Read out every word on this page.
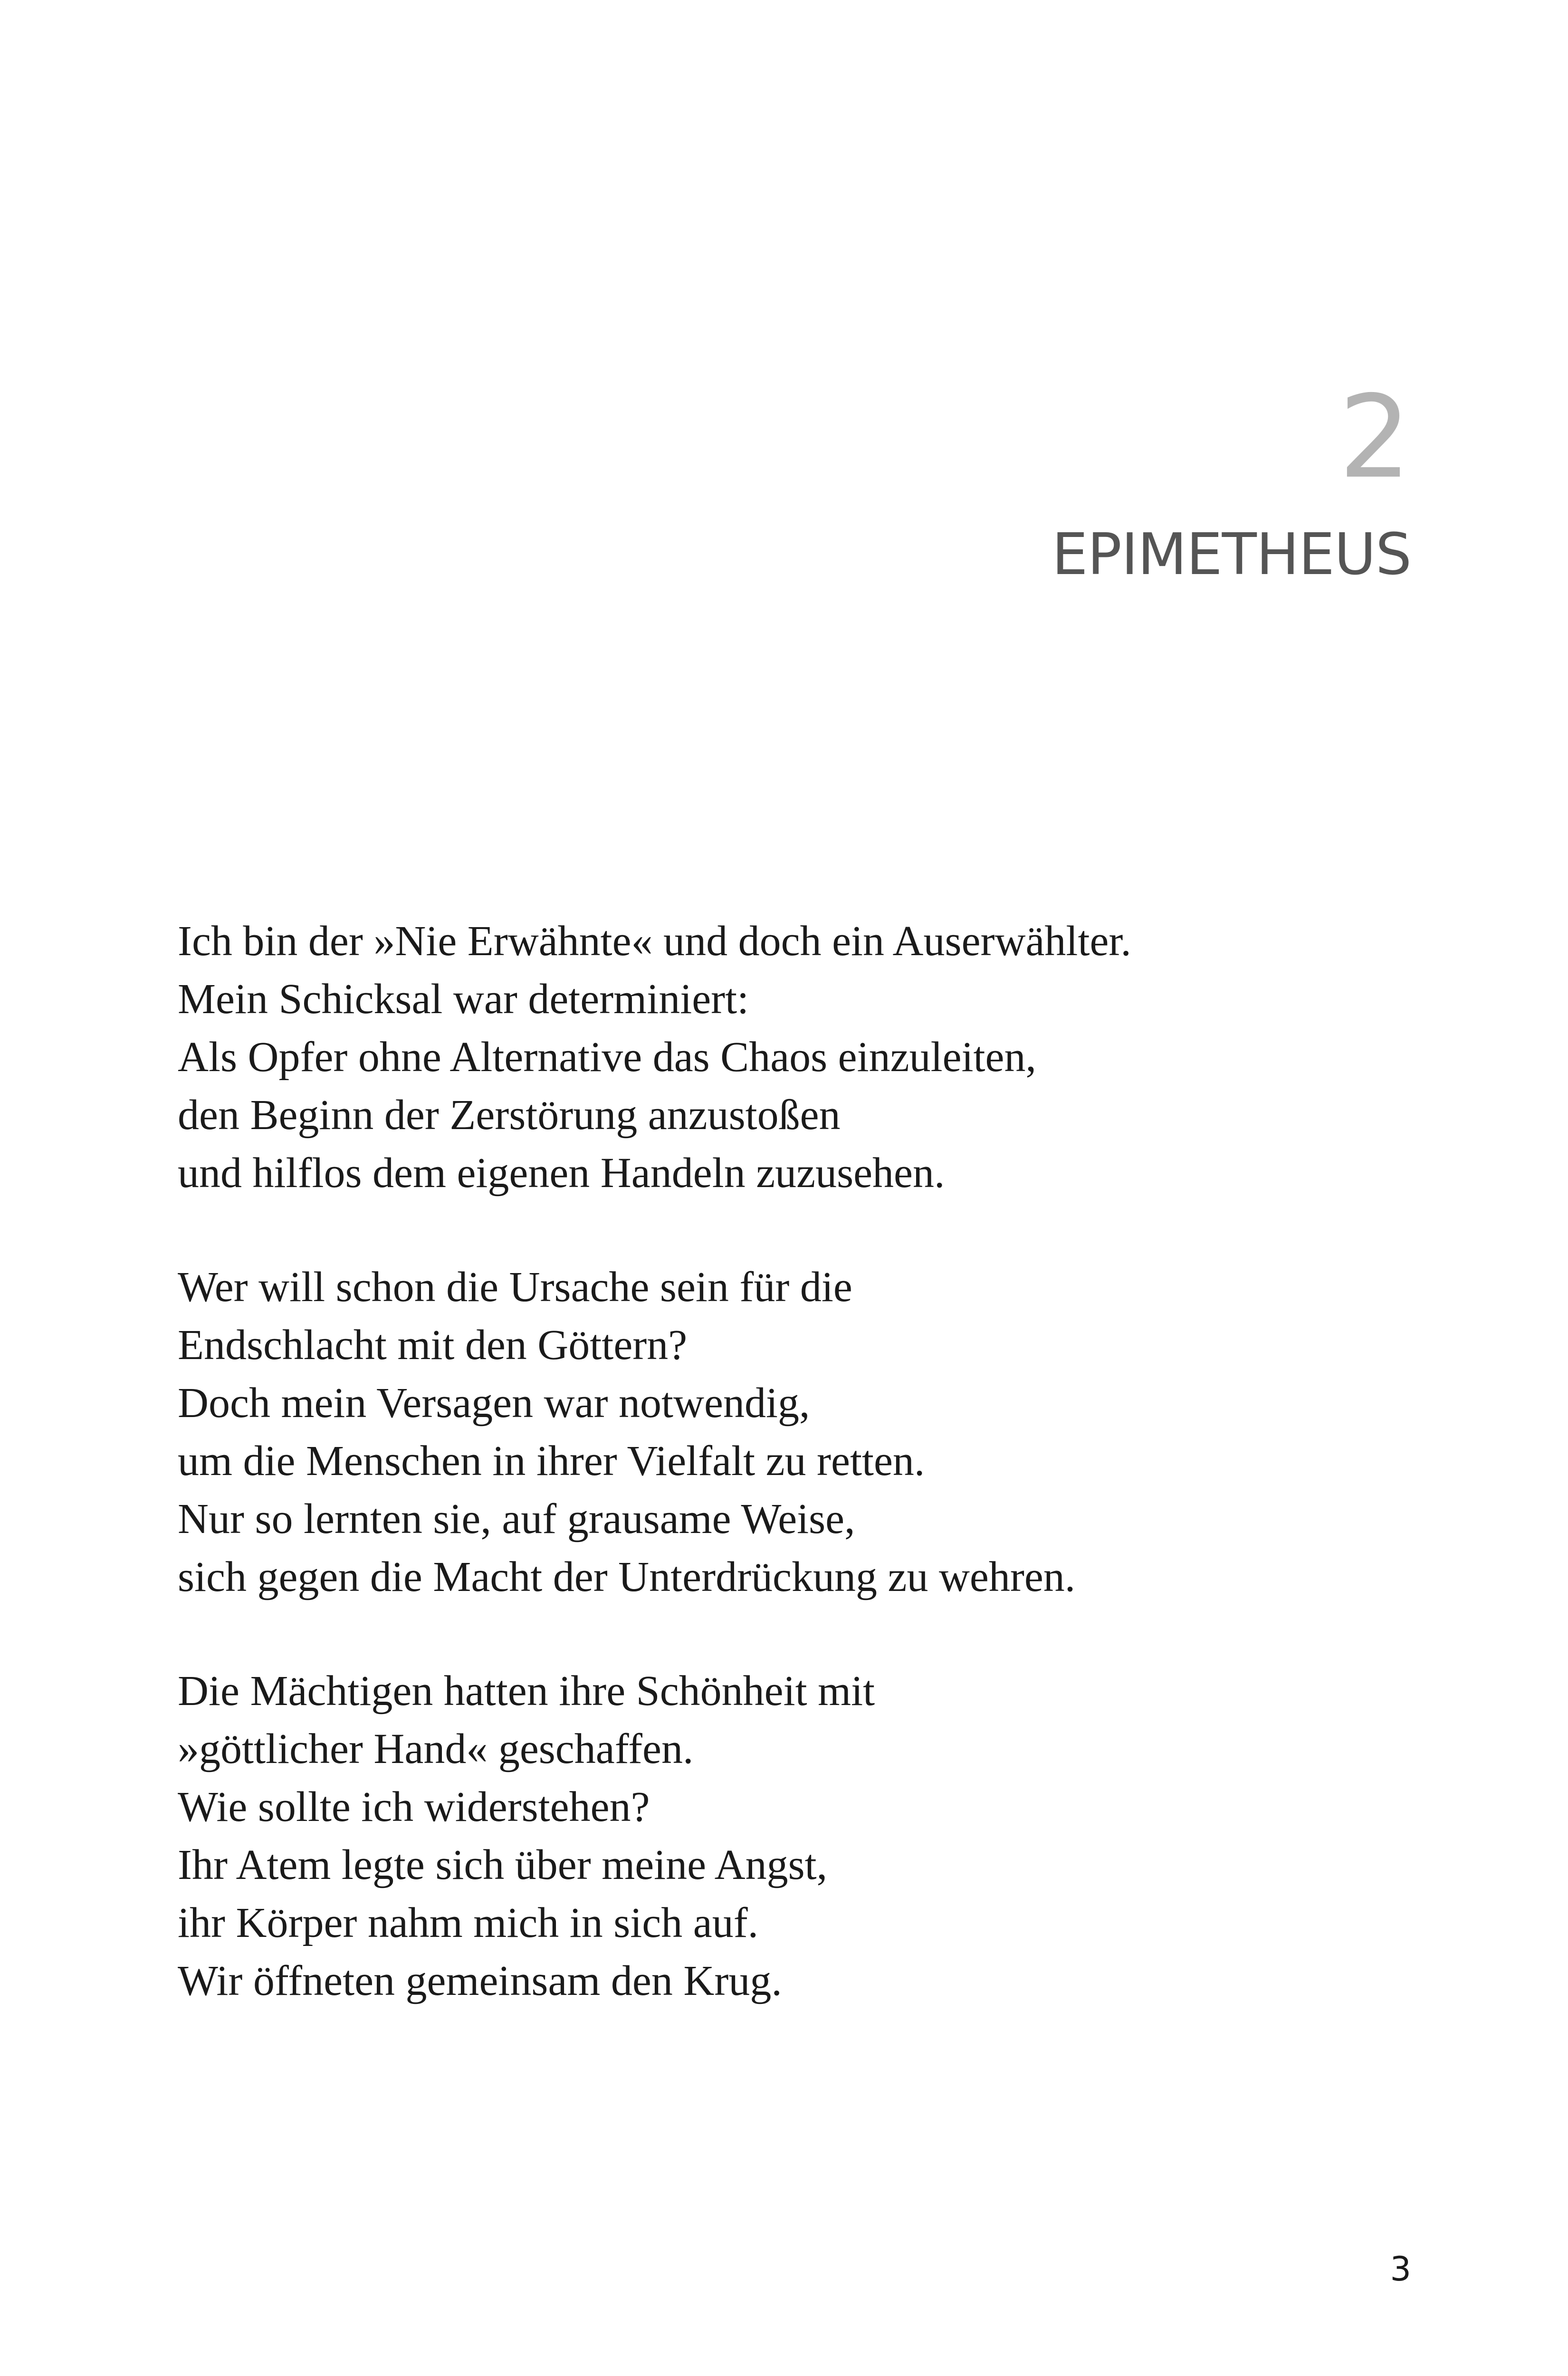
2
EPIMETHEUS

Ich bin der »Nie Erwähnte« und doch ein Auserwählter.
Mein Schicksal war determiniert:
Als Opfer ohne Alternative das Chaos einzuleiten,
den Beginn der Zerstörung anzustoßen
und hilflos dem eigenen Handeln zuzusehen.

Wer will schon die Ursache sein für die
Endschlacht mit den Göttern?
Doch mein Versagen war notwendig,
um die Menschen in ihrer Vielfalt zu retten.
Nur so lernten sie, auf grausame Weise,
sich gegen die Macht der Unterdrückung zu wehren.

Die Mächtigen hatten ihre Schönheit mit
»göttlicher Hand« geschaffen.
Wie sollte ich widerstehen?
Ihr Atem legte sich über meine Angst,
ihr Körper nahm mich in sich auf.
Wir öffneten gemeinsam den Krug.

3
